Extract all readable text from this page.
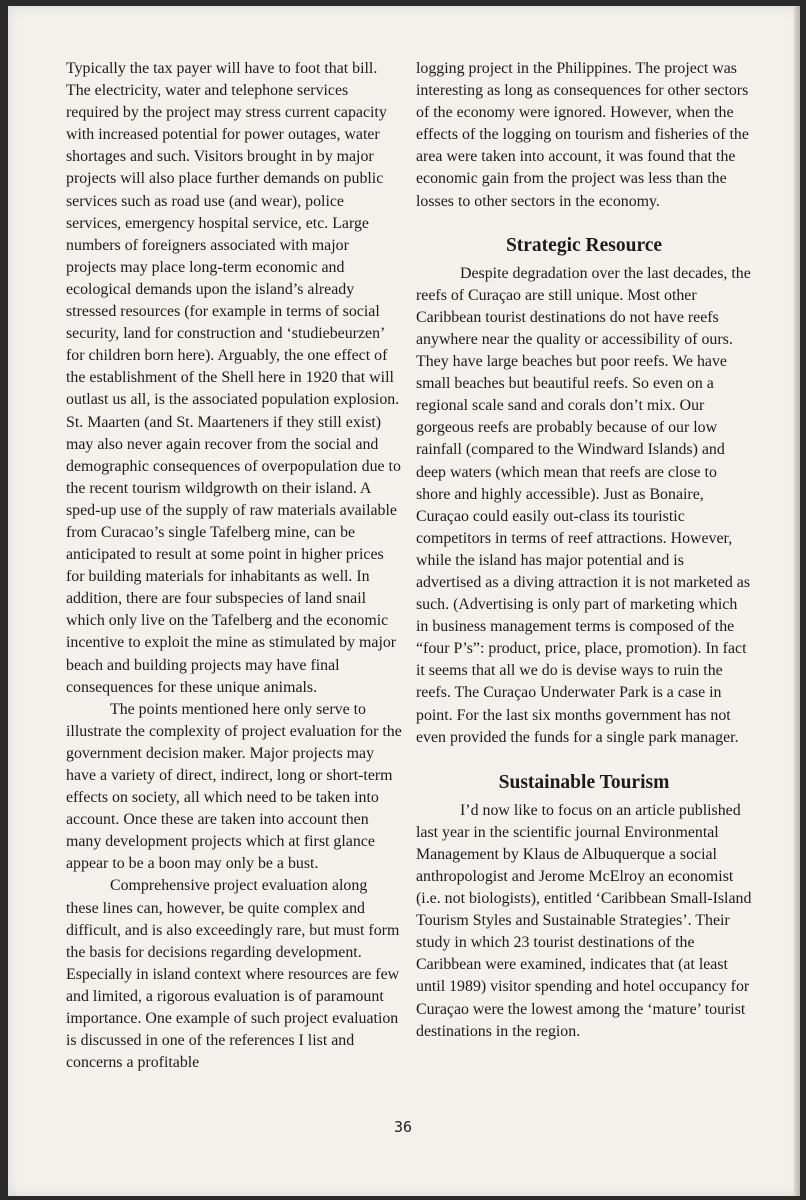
Typically the tax payer will have to foot that bill. The electricity, water and telephone services required by the project may stress current capacity with increased potential for power outages, water shortages and such. Visitors brought in by major projects will also place further demands on public services such as road use (and wear), police services, emergency hospital service, etc. Large numbers of foreigners associated with major projects may place long-term economic and ecological demands upon the island’s already stressed resources (for example in terms of social security, land for construction and ‘studiebeurzen’ for children born here). Arguably, the one effect of the establishment of the Shell here in 1920 that will outlast us all, is the associated population explosion. St. Maarten (and St. Maarteners if they still exist) may also never again recover from the social and demographic consequences of overpopulation due to the recent tourism wildgrowth on their island. A sped-up use of the supply of raw materials available from Curacao’s single Tafelberg mine, can be anticipated to result at some point in higher prices for building materials for inhabitants as well. In addition, there are four subspecies of land snail which only live on the Tafelberg and the economic incentive to exploit the mine as stimulated by major beach and building projects may have final consequences for these unique animals.

The points mentioned here only serve to illustrate the complexity of project evaluation for the government decision maker. Major projects may have a variety of direct, indirect, long or short-term effects on society, all which need to be taken into account. Once these are taken into account then many development projects which at first glance appear to be a boon may only be a bust.

Comprehensive project evaluation along these lines can, however, be quite complex and difficult, and is also exceedingly rare, but must form the basis for decisions regarding development. Especially in island context where resources are few and limited, a rigorous evaluation is of paramount importance. One example of such project evaluation is discussed in one of the references I list and concerns a profitable

logging project in the Philippines. The project was interesting as long as consequences for other sectors of the economy were ignored. However, when the effects of the logging on tourism and fisheries of the area were taken into account, it was found that the economic gain from the project was less than the losses to other sectors in the economy.

Strategic Resource

Despite degradation over the last decades, the reefs of Curaçao are still unique. Most other Caribbean tourist destinations do not have reefs anywhere near the quality or accessibility of ours. They have large beaches but poor reefs. We have small beaches but beautiful reefs. So even on a regional scale sand and corals don’t mix. Our gorgeous reefs are probably because of our low rainfall (compared to the Windward Islands) and deep waters (which mean that reefs are close to shore and highly accessible). Just as Bonaire, Curaçao could easily out-class its touristic competitors in terms of reef attractions. However, while the island has major potential and is advertised as a diving attraction it is not marketed as such. (Advertising is only part of marketing which in business management terms is composed of the “four P’s”: product, price, place, promotion). In fact it seems that all we do is devise ways to ruin the reefs. The Curaçao Underwater Park is a case in point. For the last six months government has not even provided the funds for a single park manager.

Sustainable Tourism

I’d now like to focus on an article published last year in the scientific journal Environmental Management by Klaus de Albuquerque a social anthropologist and Jerome McElroy an economist (i.e. not biologists), entitled ‘Caribbean Small-Island Tourism Styles and Sustainable Strategies’. Their study in which 23 tourist destinations of the Caribbean were examined, indicates that (at least until 1989) visitor spending and hotel occupancy for Curaçao were the lowest among the ‘mature’ tourist destinations in the region.

36
